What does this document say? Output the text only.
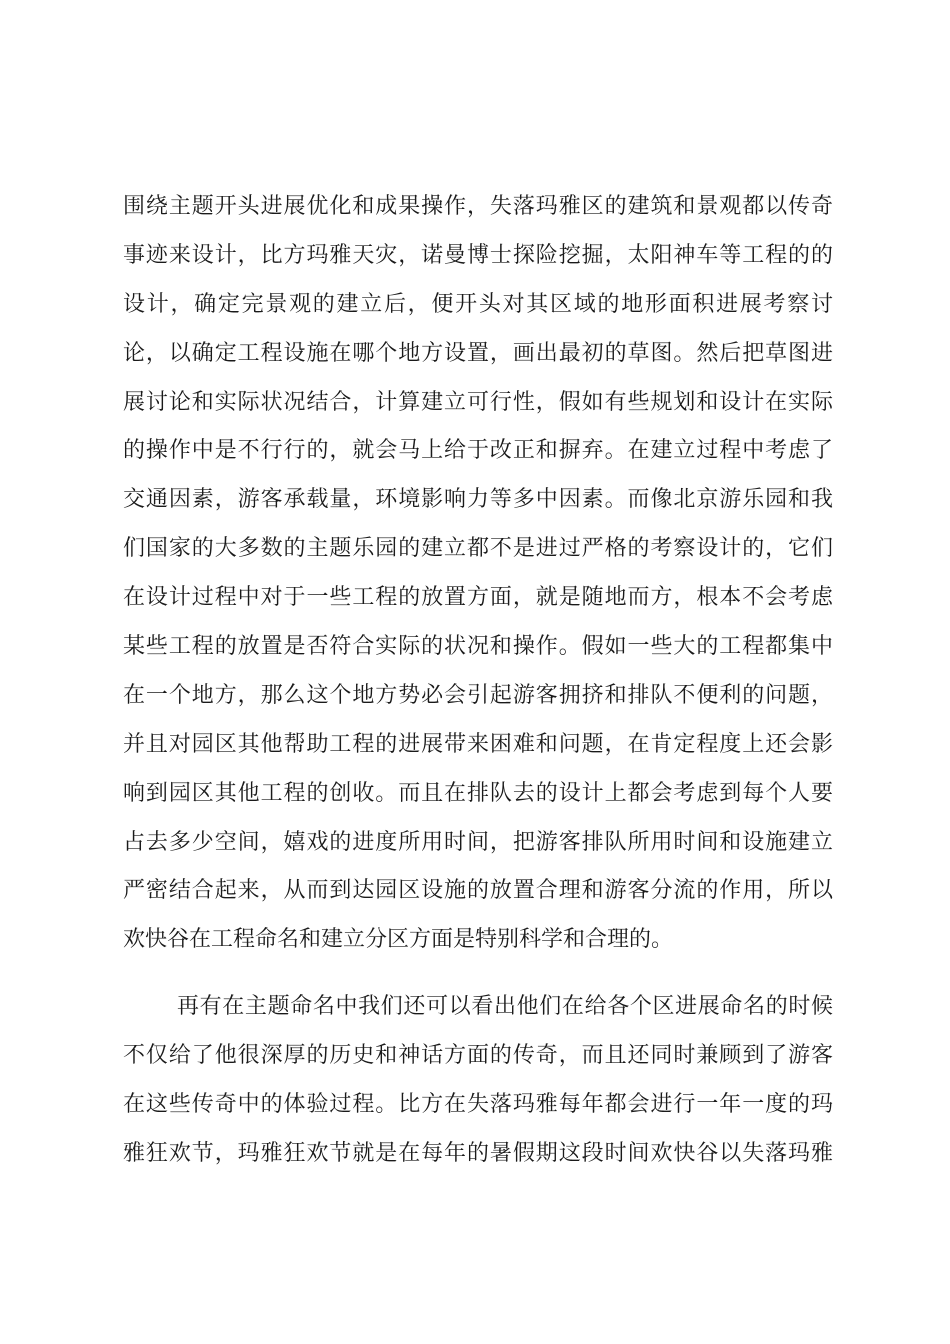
围绕主题开头进展优化和成果操作，失落玛雅区的建筑和景观都以传奇
事迹来设计，比方玛雅天灾，诺曼博士探险挖掘，太阳神车等工程的的
设计，确定完景观的建立后，便开头对其区域的地形面积进展考察讨
论，以确定工程设施在哪个地方设置，画出最初的草图。然后把草图进
展讨论和实际状况结合，计算建立可行性，假如有些规划和设计在实际
的操作中是不行行的，就会马上给于改正和摒弃。在建立过程中考虑了
交通因素，游客承载量，环境影响力等多中因素。而像北京游乐园和我
们国家的大多数的主题乐园的建立都不是进过严格的考察设计的，它们
在设计过程中对于一些工程的放置方面，就是随地而方，根本不会考虑
某些工程的放置是否符合实际的状况和操作。假如一些大的工程都集中
在一个地方，那么这个地方势必会引起游客拥挤和排队不便利的问题，
并且对园区其他帮助工程的进展带来困难和问题，在肯定程度上还会影
响到园区其他工程的创收。而且在排队去的设计上都会考虑到每个人要
占去多少空间，嬉戏的进度所用时间，把游客排队所用时间和设施建立
严密结合起来，从而到达园区设施的放置合理和游客分流的作用，所以
欢快谷在工程命名和建立分区方面是特别科学和合理的。
再有在主题命名中我们还可以看出他们在给各个区进展命名的时候
不仅给了他很深厚的历史和神话方面的传奇，而且还同时兼顾到了游客
在这些传奇中的体验过程。比方在失落玛雅每年都会进行一年一度的玛
雅狂欢节，玛雅狂欢节就是在每年的暑假期这段时间欢快谷以失落玛雅
